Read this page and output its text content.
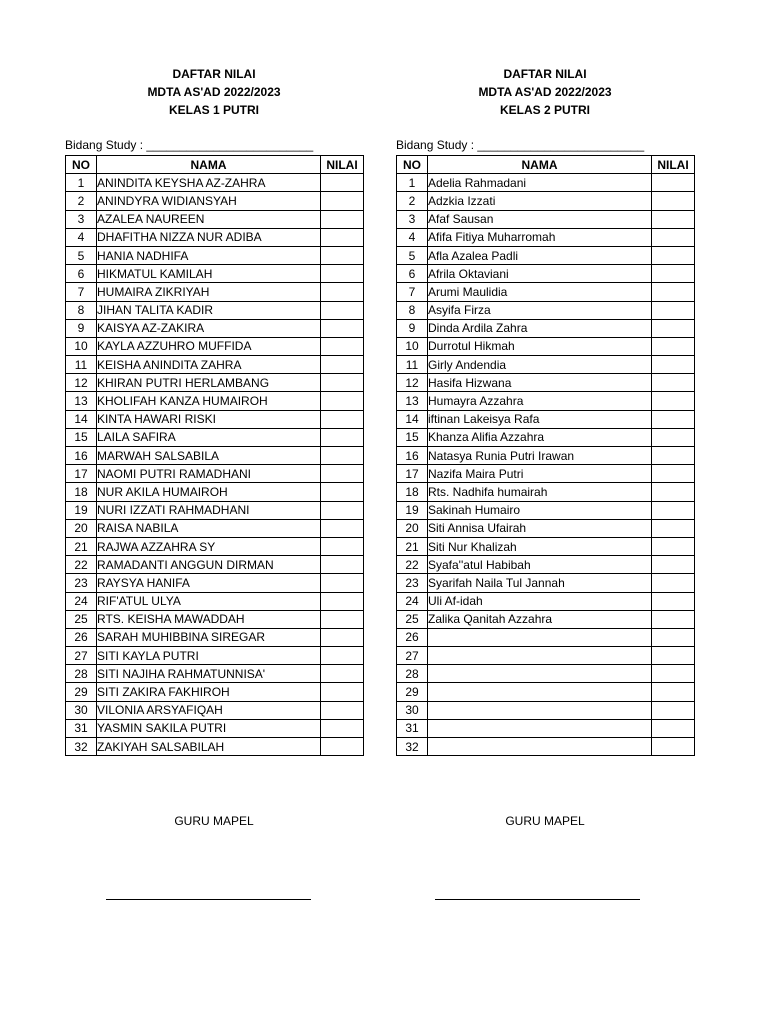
DAFTAR NILAI
MDTA AS'AD 2022/2023
KELAS 1 PUTRI
Bidang Study : _________________________
NO	NAMA	NILAI
1	ANINDITA KEYSHA AZ-ZAHRA	
2	ANINDYRA WIDIANSYAH	
3	AZALEA NAUREEN	
4	DHAFITHA NIZZA NUR ADIBA	
5	HANIA NADHIFA	
6	HIKMATUL KAMILAH	
7	HUMAIRA ZIKRIYAH	
8	JIHAN TALITA KADIR	
9	KAISYA AZ-ZAKIRA	
10	KAYLA AZZUHRO MUFFIDA	
11	KEISHA ANINDITA ZAHRA	
12	KHIRAN PUTRI HERLAMBANG	
13	KHOLIFAH KANZA HUMAIROH	
14	KINTA HAWARI RISKI	
15	LAILA SAFIRA	
16	MARWAH SALSABILA	
17	NAOMI PUTRI RAMADHANI	
18	NUR AKILA HUMAIROH	
19	NURI IZZATI RAHMADHANI	
20	RAISA NABILA	
21	RAJWA AZZAHRA SY	
22	RAMADANTI ANGGUN DIRMAN	
23	RAYSYA HANIFA	
24	RIF'ATUL ULYA	
25	RTS. KEISHA MAWADDAH	
26	SARAH MUHIBBINA SIREGAR	
27	SITI KAYLA PUTRI	
28	SITI NAJIHA RAHMATUNNISA'	
29	SITI ZAKIRA FAKHIROH	
30	VILONIA ARSYAFIQAH	
31	YASMIN SAKILA PUTRI	
32	ZAKIYAH SALSABILAH	
GURU MAPEL
DAFTAR NILAI
MDTA AS'AD 2022/2023
KELAS 2 PUTRI
Bidang Study : _________________________
NO	NAMA	NILAI
1	Adelia Rahmadani	
2	Adzkia Izzati	
3	Afaf Sausan	
4	Afifa Fitiya Muharromah	
5	Afla Azalea Padli	
6	Afrila Oktaviani	
7	Arumi Maulidia	
8	Asyifa Firza	
9	Dinda Ardila Zahra	
10	Durrotul Hikmah	
11	Girly Andendia	
12	Hasifa Hizwana	
13	Humayra Azzahra	
14	iftinan Lakeisya Rafa	
15	Khanza Alifia Azzahra	
16	Natasya Runia Putri Irawan	
17	Nazifa Maira Putri	
18	Rts. Nadhifa humairah	
19	Sakinah Humairo	
20	Siti Annisa Ufairah	
21	Siti Nur Khalizah	
22	Syafa''atul Habibah	
23	Syarifah Naila Tul Jannah	
24	Uli Af-idah	
25	Zalika Qanitah Azzahra	
26		
27		
28		
29		
30		
31		
32		
GURU MAPEL
